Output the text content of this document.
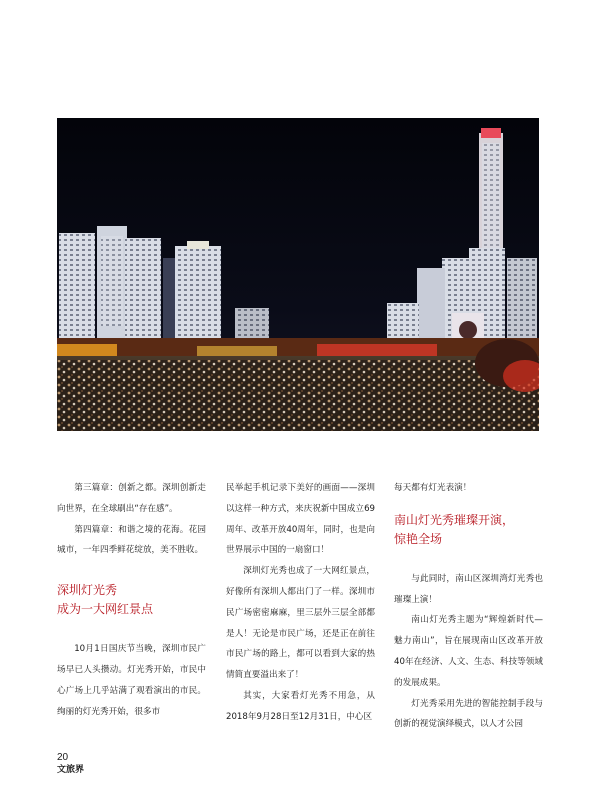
第三篇章：创新之都。深圳创新走向世界，在全球刷出“存在感”。

第四篇章：和谐之境的花海。花园城市，一年四季鲜花绽放，美不胜收。

深圳灯光秀
成为一大网红景点

10月1日国庆节当晚，深圳市民广场早已人头攒动。灯光秀开始，市民中心广场上几乎站满了观看演出的市民。绚丽的灯光秀开始，很多市

民举起手机记录下美好的画面——深圳以这样一种方式，来庆祝新中国成立69周年、改革开放40周年，同时，也是向世界展示中国的一扇窗口！

深圳灯光秀也成了一大网红景点，好像所有深圳人都出门了一样。深圳市民广场密密麻麻，里三层外三层全部都是人！无论是市民广场，还是正在前往市民广场的路上，都可以看到大家的热情简直要溢出来了！

其实，大家看灯光秀不用急，从2018年9月28日至12月31日，中心区

每天都有灯光表演！

南山灯光秀璀璨开演，
惊艳全场

与此同时，南山区深圳湾灯光秀也璀璨上演！

南山灯光秀主题为“辉煌新时代—魅力南山”，旨在展现南山区改革开放40年在经济、人文、生态、科技等领域的发展成果。

灯光秀采用先进的智能控制手段与创新的视觉演绎模式，以人才公园

20
文旅界
